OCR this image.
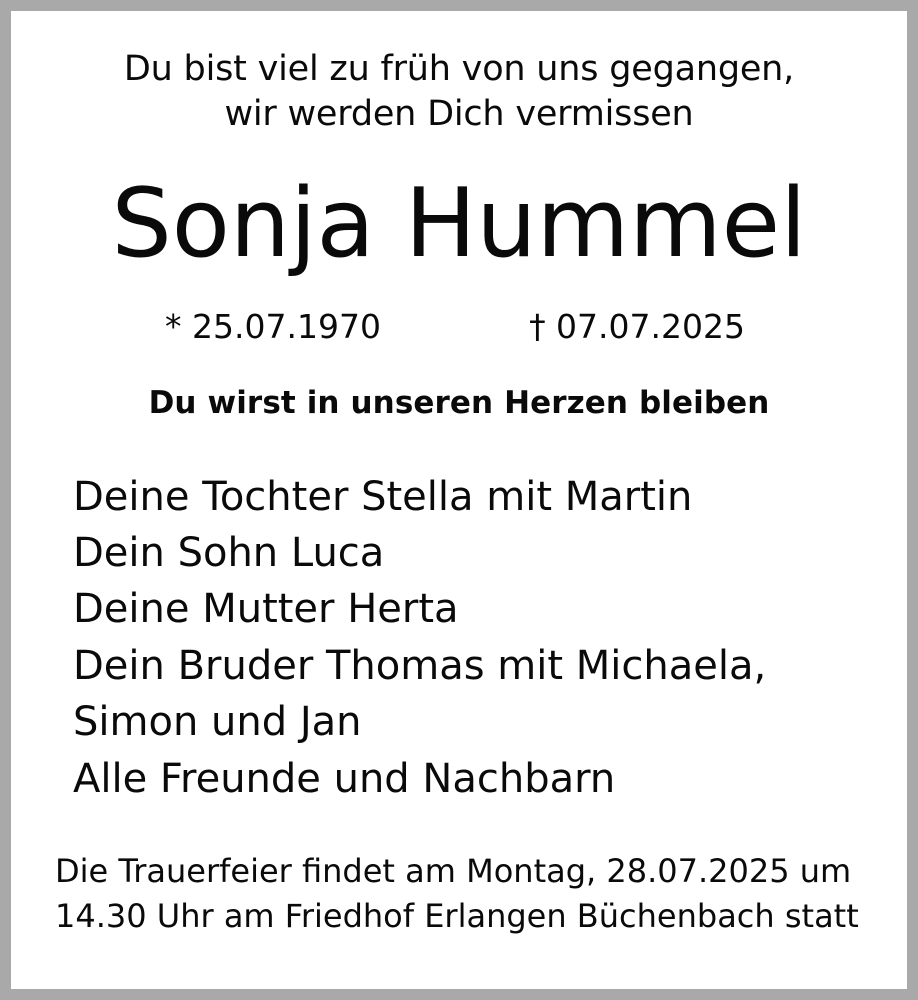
Du bist viel zu früh von uns gegangen,
wir werden Dich vermissen
Sonja Hummel
* 25.07.1970	† 07.07.2025
Du wirst in unseren Herzen bleiben
Deine Tochter Stella mit Martin
Dein Sohn Luca
Deine Mutter Herta
Dein Bruder Thomas mit Michaela,
Simon und Jan
Alle Freunde und Nachbarn
Die Trauerfeier findet am Montag, 28.07.2025 um
14.30 Uhr am Friedhof Erlangen Büchenbach statt
